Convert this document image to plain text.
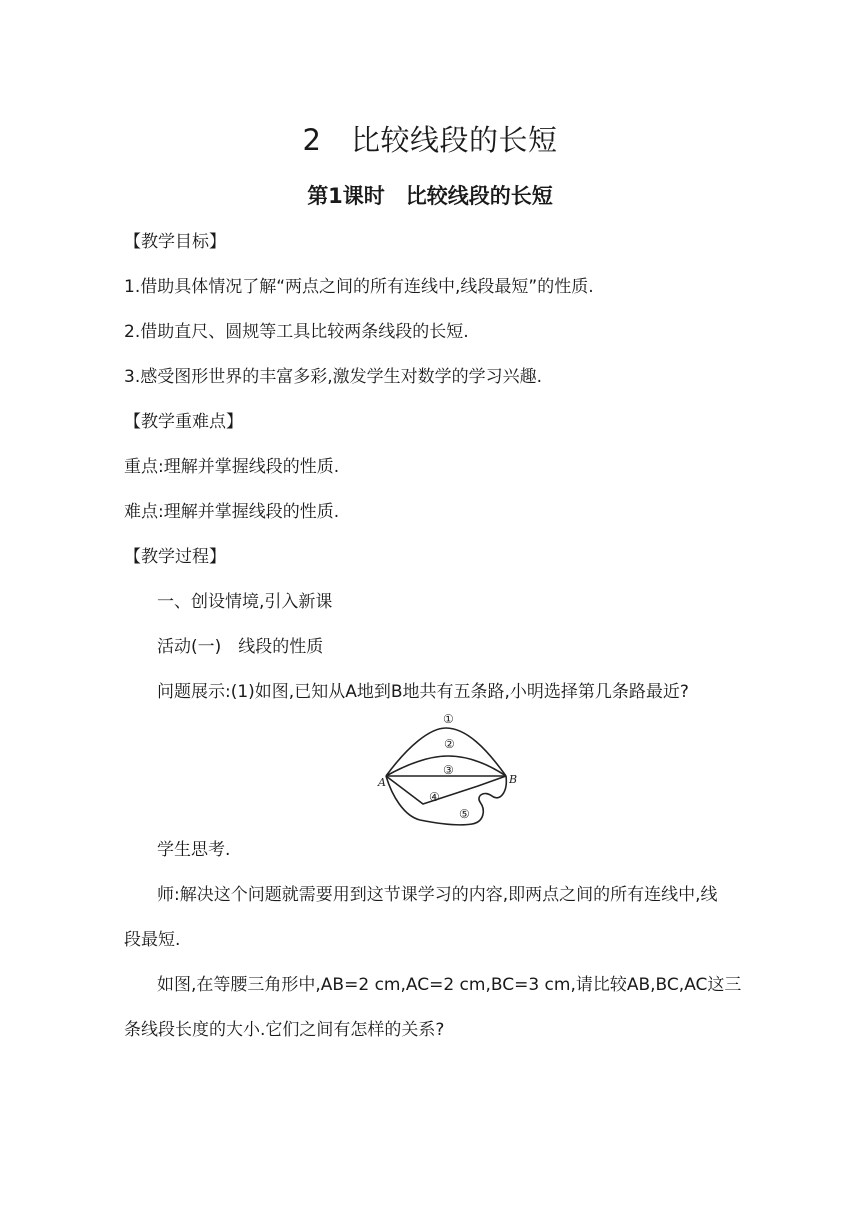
2　比较线段的长短
第1课时　比较线段的长短
【教学目标】
1.借助具体情况了解“两点之间的所有连线中,线段最短”的性质.
2.借助直尺、圆规等工具比较两条线段的长短.
3.感受图形世界的丰富多彩,激发学生对数学的学习兴趣.
【教学重难点】
重点:理解并掌握线段的性质.
难点:理解并掌握线段的性质.
【教学过程】
一、创设情境,引入新课
活动(一)　线段的性质
问题展示:(1)如图,已知从A地到B地共有五条路,小明选择第几条路最近?
A	B
①
②
③
④
⑤
学生思考.
师:解决这个问题就需要用到这节课学习的内容,即两点之间的所有连线中,线
段最短.
如图,在等腰三角形中,AB=2 cm,AC=2 cm,BC=3 cm,请比较AB,BC,AC这三
条线段长度的大小.它们之间有怎样的关系?
